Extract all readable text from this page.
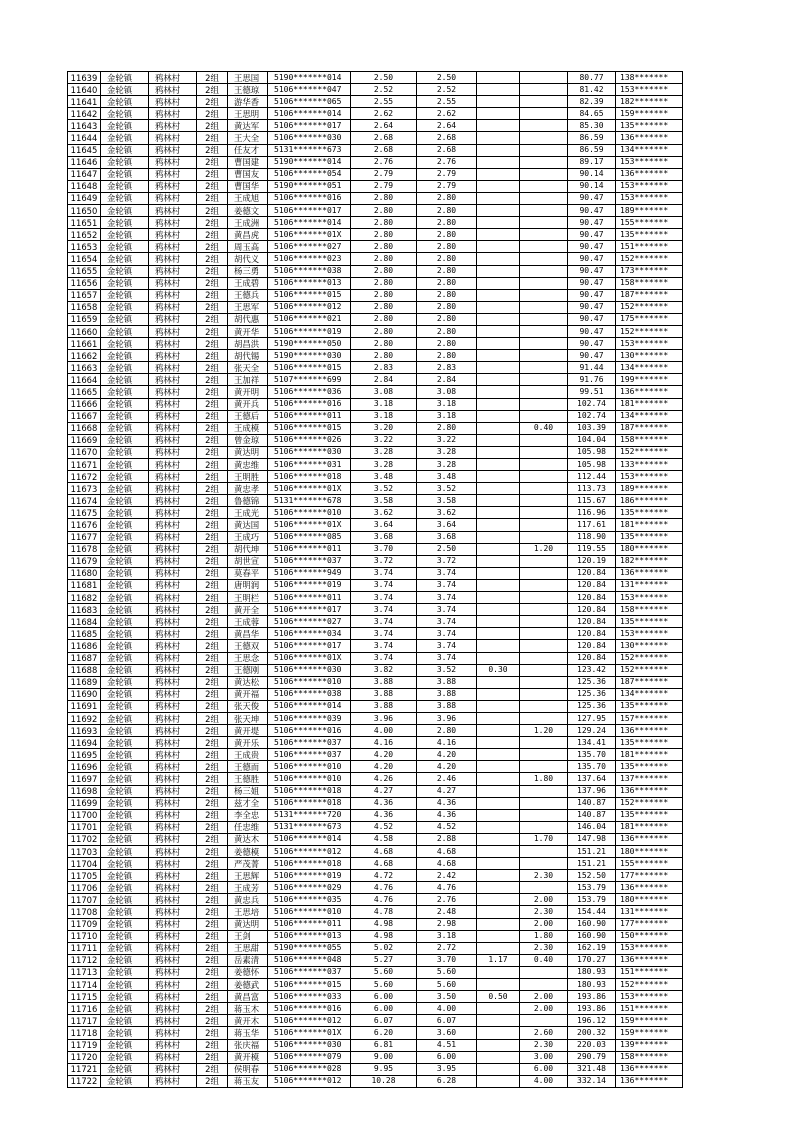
11639	金轮镇	鸦林村	2组	王思国	5190*******014	2.50	2.50			80.77	138*******
11640	金轮镇	鸦林村	2组	王德琼	5106*******047	2.52	2.52			81.42	153*******
11641	金轮镇	鸦林村	2组	游华香	5106*******065	2.55	2.55			82.39	182*******
11642	金轮镇	鸦林村	2组	王思明	5106*******014	2.62	2.62			84.65	159*******
11643	金轮镇	鸦林村	2组	黄达军	5106*******017	2.64	2.64			85.30	135*******
11644	金轮镇	鸦林村	2组	王大全	5106*******030	2.68	2.68			86.59	136*******
11645	金轮镇	鸦林村	2组	任友才	5131*******673	2.68	2.68			86.59	134*******
11646	金轮镇	鸦林村	2组	曹国建	5190*******014	2.76	2.76			89.17	153*******
11647	金轮镇	鸦林村	2组	曹国友	5106*******054	2.79	2.79			90.14	136*******
11648	金轮镇	鸦林村	2组	曹国华	5190*******051	2.79	2.79			90.14	153*******
11649	金轮镇	鸦林村	2组	王成旭	5106*******016	2.80	2.80			90.47	153*******
11650	金轮镇	鸦林村	2组	姜德文	5106*******017	2.80	2.80			90.47	189*******
11651	金轮镇	鸦林村	2组	王成洲	5106*******014	2.80	2.80			90.47	155*******
11652	金轮镇	鸦林村	2组	黄昌虎	5106*******01X	2.80	2.80			90.47	135*******
11653	金轮镇	鸦林村	2组	周玉高	5106*******027	2.80	2.80			90.47	151*******
11654	金轮镇	鸦林村	2组	胡代义	5106*******023	2.80	2.80			90.47	152*******
11655	金轮镇	鸦林村	2组	杨三勇	5106*******038	2.80	2.80			90.47	173*******
11656	金轮镇	鸦林村	2组	王成碧	5106*******013	2.80	2.80			90.47	158*******
11657	金轮镇	鸦林村	2组	王德兵	5106*******015	2.80	2.80			90.47	187*******
11658	金轮镇	鸦林村	2组	王思军	5106*******012	2.80	2.80			90.47	152*******
11659	金轮镇	鸦林村	2组	胡代惠	5106*******021	2.80	2.80			90.47	175*******
11660	金轮镇	鸦林村	2组	黄开华	5106*******019	2.80	2.80			90.47	152*******
11661	金轮镇	鸦林村	2组	胡昌洪	5190*******050	2.80	2.80			90.47	153*******
11662	金轮镇	鸦林村	2组	胡代锡	5190*******030	2.80	2.80			90.47	130*******
11663	金轮镇	鸦林村	2组	张天全	5106*******015	2.83	2.83			91.44	134*******
11664	金轮镇	鸦林村	2组	王加祥	5107*******699	2.84	2.84			91.76	199*******
11665	金轮镇	鸦林村	2组	黄开明	5106*******036	3.08	3.08			99.51	136*******
11666	金轮镇	鸦林村	2组	黄开兵	5106*******016	3.18	3.18			102.74	181*******
11667	金轮镇	鸦林村	2组	王德后	5106*******011	3.18	3.18			102.74	134*******
11668	金轮镇	鸦林村	2组	王成模	5106*******015	3.20	2.80		0.40	103.39	187*******
11669	金轮镇	鸦林村	2组	曾金琼	5106*******026	3.22	3.22			104.04	158*******
11670	金轮镇	鸦林村	2组	黄达明	5106*******030	3.28	3.28			105.98	152*******
11671	金轮镇	鸦林村	2组	黄忠维	5106*******031	3.28	3.28			105.98	133*******
11672	金轮镇	鸦林村	2组	王明胜	5106*******018	3.48	3.48			112.44	153*******
11673	金轮镇	鸦林村	2组	黄忠孝	5106*******01X	3.52	3.52			113.73	189*******
11674	金轮镇	鸦林村	2组	鲁德锦	5131*******678	3.58	3.58			115.67	186*******
11675	金轮镇	鸦林村	2组	王成光	5106*******010	3.62	3.62			116.96	135*******
11676	金轮镇	鸦林村	2组	黄达国	5106*******01X	3.64	3.64			117.61	181*******
11677	金轮镇	鸦林村	2组	王成巧	5106*******085	3.68	3.68			118.90	135*******
11678	金轮镇	鸦林村	2组	胡代坤	5106*******011	3.70	2.50		1.20	119.55	180*******
11679	金轮镇	鸦林村	2组	胡世宣	5106*******037	3.72	3.72			120.19	182*******
11680	金轮镇	鸦林村	2组	莫春平	5106*******949	3.74	3.74			120.84	136*******
11681	金轮镇	鸦林村	2组	唐明润	5106*******019	3.74	3.74			120.84	131*******
11682	金轮镇	鸦林村	2组	王明栏	5106*******011	3.74	3.74			120.84	153*******
11683	金轮镇	鸦林村	2组	黄开全	5106*******017	3.74	3.74			120.84	158*******
11684	金轮镇	鸦林村	2组	王成蓉	5106*******027	3.74	3.74			120.84	135*******
11685	金轮镇	鸦林村	2组	黄昌华	5106*******034	3.74	3.74			120.84	153*******
11686	金轮镇	鸦林村	2组	王德双	5106*******017	3.74	3.74			120.84	130*******
11687	金轮镇	鸦林村	2组	王思念	5106*******01X	3.74	3.74			120.84	152*******
11688	金轮镇	鸦林村	2组	王德刚	5106*******030	3.82	3.52	0.30		123.42	152*******
11689	金轮镇	鸦林村	2组	黄达松	5106*******010	3.88	3.88			125.36	187*******
11690	金轮镇	鸦林村	2组	黄开福	5106*******038	3.88	3.88			125.36	134*******
11691	金轮镇	鸦林村	2组	张天俊	5106*******014	3.88	3.88			125.36	135*******
11692	金轮镇	鸦林村	2组	张天坤	5106*******039	3.96	3.96			127.95	157*******
11693	金轮镇	鸦林村	2组	黄开堤	5106*******016	4.00	2.80		1.20	129.24	136*******
11694	金轮镇	鸦林村	2组	黄开乐	5106*******037	4.16	4.16			134.41	135*******
11695	金轮镇	鸦林村	2组	王成贵	5106*******037	4.20	4.20			135.70	181*******
11696	金轮镇	鸦林村	2组	王德而	5106*******010	4.20	4.20			135.70	135*******
11697	金轮镇	鸦林村	2组	王德胜	5106*******010	4.26	2.46		1.80	137.64	137*******
11698	金轮镇	鸦林村	2组	杨三姐	5106*******018	4.27	4.27			137.96	136*******
11699	金轮镇	鸦林村	2组	兹才全	5106*******018	4.36	4.36			140.87	152*******
11700	金轮镇	鸦林村	2组	李全忠	5131*******720	4.36	4.36			140.87	135*******
11701	金轮镇	鸦林村	2组	任忠维	5131*******673	4.52	4.52			146.04	181*******
11702	金轮镇	鸦林村	2组	黄达木	5106*******014	4.58	2.88		1.70	147.98	136*******
11703	金轮镇	鸦林村	2组	姜德模	5106*******012	4.68	4.68			151.21	180*******
11704	金轮镇	鸦林村	2组	严茂菁	5106*******018	4.68	4.68			151.21	155*******
11705	金轮镇	鸦林村	2组	王思辉	5106*******019	4.72	2.42		2.30	152.50	177*******
11706	金轮镇	鸦林村	2组	王成芳	5106*******029	4.76	4.76			153.79	136*******
11707	金轮镇	鸦林村	2组	黄忠兵	5106*******035	4.76	2.76		2.00	153.79	180*******
11708	金轮镇	鸦林村	2组	王思培	5106*******010	4.78	2.48		2.30	154.44	131*******
11709	金轮镇	鸦林村	2组	黄达明	5106*******011	4.98	2.98		2.00	160.90	177*******
11710	金轮镇	鸦林村	2组	王剑	5106*******013	4.98	3.18		1.80	160.90	150*******
11711	金轮镇	鸦林村	2组	王思甜	5190*******055	5.02	2.72		2.30	162.19	153*******
11712	金轮镇	鸦林村	2组	岳素清	5106*******048	5.27	3.70	1.17	0.40	170.27	136*******
11713	金轮镇	鸦林村	2组	姜德怀	5106*******037	5.60	5.60			180.93	151*******
11714	金轮镇	鸦林村	2组	姜德武	5106*******015	5.60	5.60			180.93	152*******
11715	金轮镇	鸦林村	2组	黄昌富	5106*******033	6.00	3.50	0.50	2.00	193.86	153*******
11716	金轮镇	鸦林村	2组	蒋玉木	5106*******016	6.00	4.00		2.00	193.86	151*******
11717	金轮镇	鸦林村	2组	黄开木	5106*******012	6.07	6.07			196.12	159*******
11718	金轮镇	鸦林村	2组	蒋玉华	5106*******01X	6.20	3.60		2.60	200.32	159*******
11719	金轮镇	鸦林村	2组	张庆福	5106*******030	6.81	4.51		2.30	220.03	139*******
11720	金轮镇	鸦林村	2组	黄开模	5106*******079	9.00	6.00		3.00	290.79	158*******
11721	金轮镇	鸦林村	2组	侯明春	5106*******028	9.95	3.95		6.00	321.48	136*******
11722	金轮镇	鸦林村	2组	蒋玉友	5106*******012	10.28	6.28		4.00	332.14	136*******
